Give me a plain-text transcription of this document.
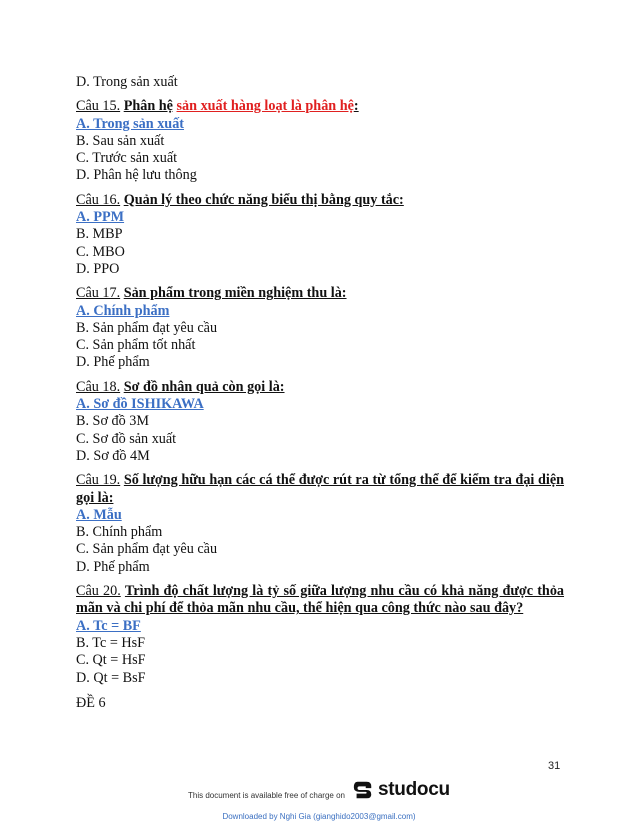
D. Trong sản xuất
Câu 15. Phân hệ sản xuất hàng loạt là phân hệ:
A. Trong sản xuất
B. Sau sản xuất
C. Trước sản xuất
D. Phân hệ lưu thông
Câu 16. Quản lý theo chức năng biểu thị bằng quy tắc:
A. PPM
B. MBP
C. MBO
D. PPO
Câu 17. Sản phẩm trong miền nghiệm thu là:
A. Chính phẩm
B. Sản phẩm đạt yêu cầu
C. Sản phẩm tốt nhất
D. Phế phẩm
Câu 18. Sơ đồ nhân quả còn gọi là:
A. Sơ đồ ISHIKAWA
B. Sơ đồ 3M
C. Sơ đồ sản xuất
D. Sơ đồ 4M
Câu 19. Số lượng hữu hạn các cá thể được rút ra từ tổng thể để kiểm tra đại diện gọi là:
A. Mẫu
B. Chính phẩm
C. Sản phẩm đạt yêu cầu
D. Phế phẩm
Câu 20. Trình độ chất lượng là tỷ số giữa lượng nhu cầu có khả năng được thỏa mãn và chi phí để thỏa mãn nhu cầu, thể hiện qua công thức nào sau đây?
A. Tc = BF
B. Tc = HsF
C. Qt = HsF
D. Qt = BsF
ĐỀ 6
31
This document is available free of charge on studocu
Downloaded by Nghi Gia (gianghido2003@gmail.com)
